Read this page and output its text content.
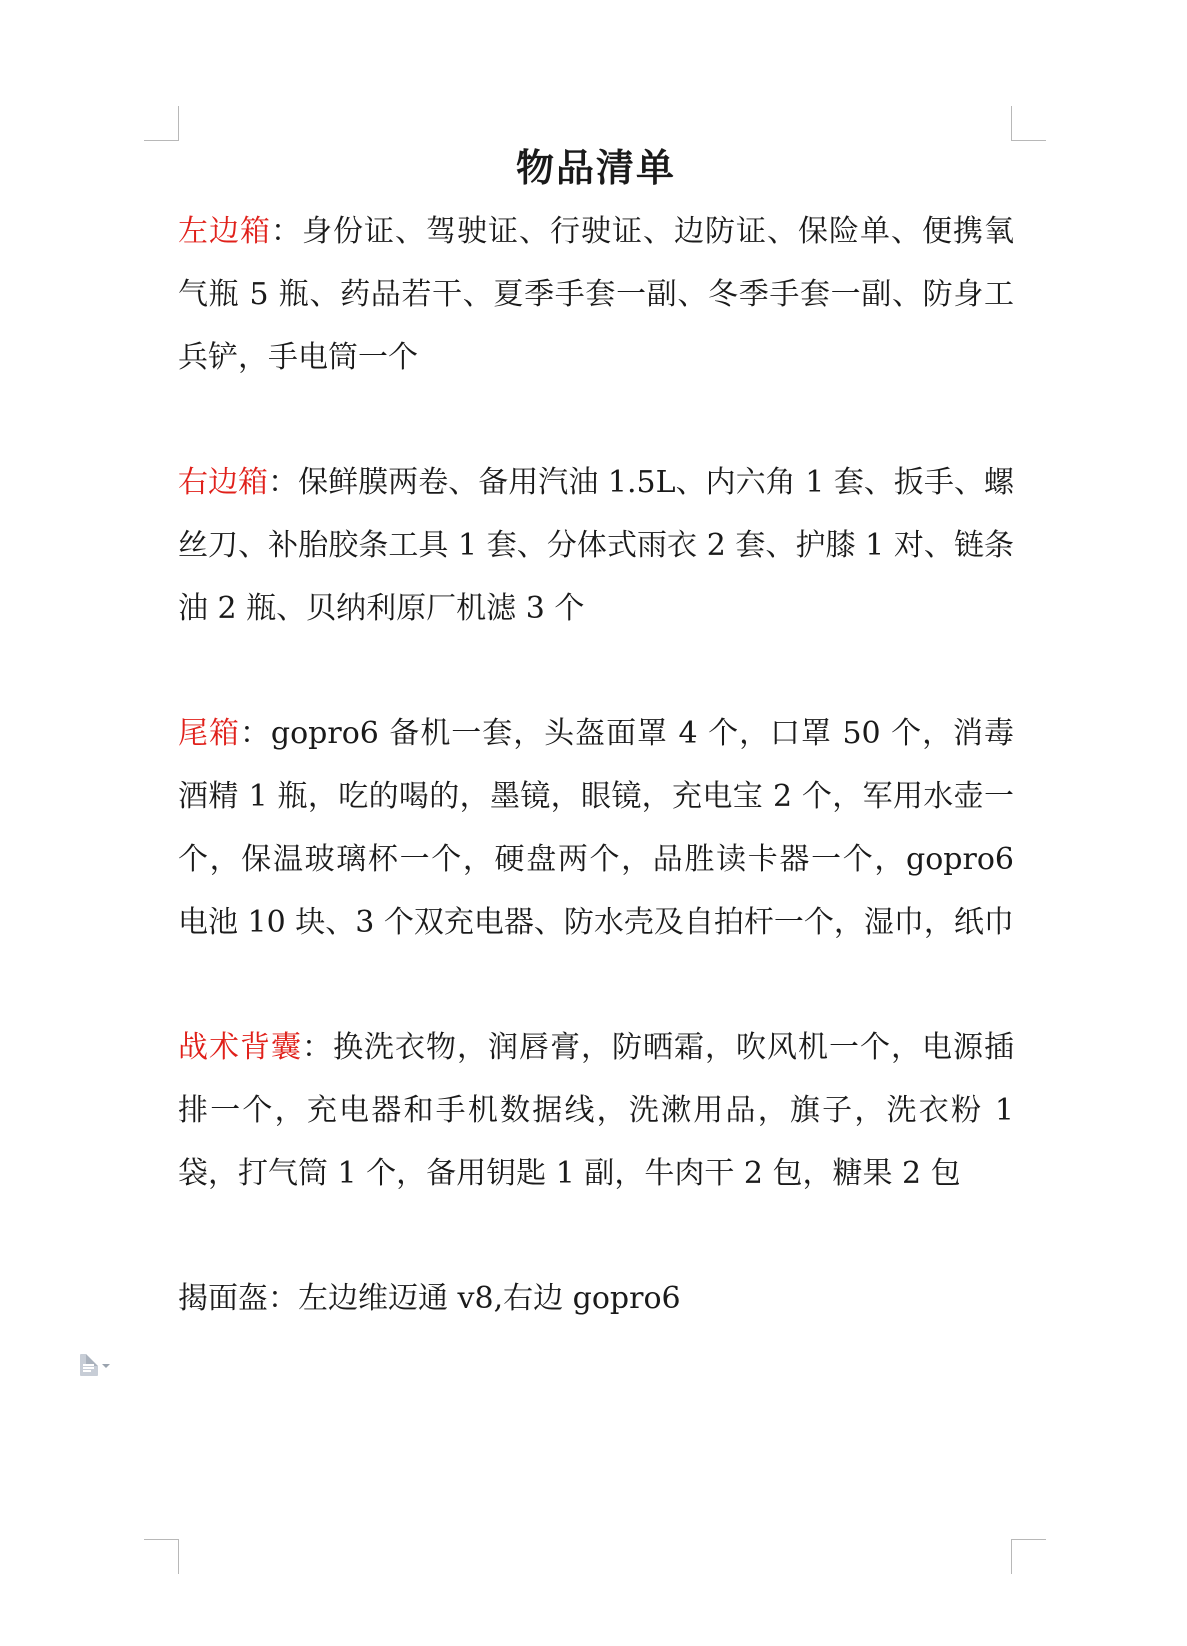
物品清单

左边箱：身份证、驾驶证、行驶证、边防证、保险单、便携氧气瓶 5 瓶、药品若干、夏季手套一副、冬季手套一副、防身工兵铲，手电筒一个

右边箱：保鲜膜两卷、备用汽油 1.5L、内六角 1 套、扳手、螺丝刀、补胎胶条工具 1 套、分体式雨衣 2 套、护膝 1 对、链条油 2 瓶、贝纳利原厂机滤 3 个

尾箱：gopro6 备机一套，头盔面罩 4 个，口罩 50 个，消毒酒精 1 瓶，吃的喝的，墨镜，眼镜，充电宝 2 个，军用水壶一个，保温玻璃杯一个，硬盘两个，品胜读卡器一个，gopro6 电池 10 块、3 个双充电器、防水壳及自拍杆一个，湿巾，纸巾

战术背囊：换洗衣物，润唇膏，防晒霜，吹风机一个，电源插排一个，充电器和手机数据线，洗漱用品，旗子，洗衣粉 1 袋，打气筒 1 个，备用钥匙 1 副，牛肉干 2 包，糖果 2 包

揭面盔：左边维迈通 v8,右边 gopro6
